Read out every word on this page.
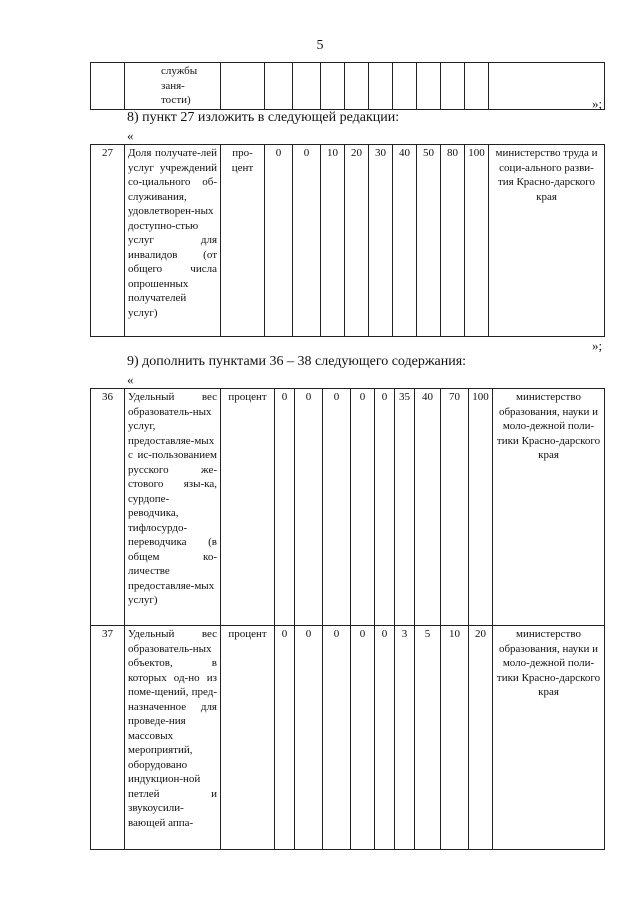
5
	службы заня-
тости)												»;
8) пункт 27 изложить в следующей редакции:
«
27	Доля получате-лей услуг учреждений со-циального об-служивания, удовлетворен-ных доступно-стью услуг для инвалидов (от общего числа опрошенных получателей услуг)	про-цент	0	0	10	20	30	40	50	80	100	министерство труда и соци-ального разви-тия Красно-дарского края
»;
9) дополнить пунктами 36 – 38 следующего содержания:
«
36	Удельный вес образователь-ных услуг, предоставляе-мых с ис-пользованием русского же-стового язы-ка, сурдопе-реводчика, тифлосурдо-переводчика (в общем ко-личестве предоставляе-мых услуг)	процент	0	0	0	0	0	35	40	70	100	министерство образования, науки и моло-дежной поли-тики Красно-дарского края
37	Удельный вес образователь-ных объектов, в которых од-но из поме-щений, пред-назначенное для проведе-ния массовых мероприятий, оборудовано индукцион-ной петлей и звукоусили-вающей аппа-	процент	0	0	0	0	0	3	5	10	20	министерство образования, науки и моло-дежной поли-тики Красно-дарского края
